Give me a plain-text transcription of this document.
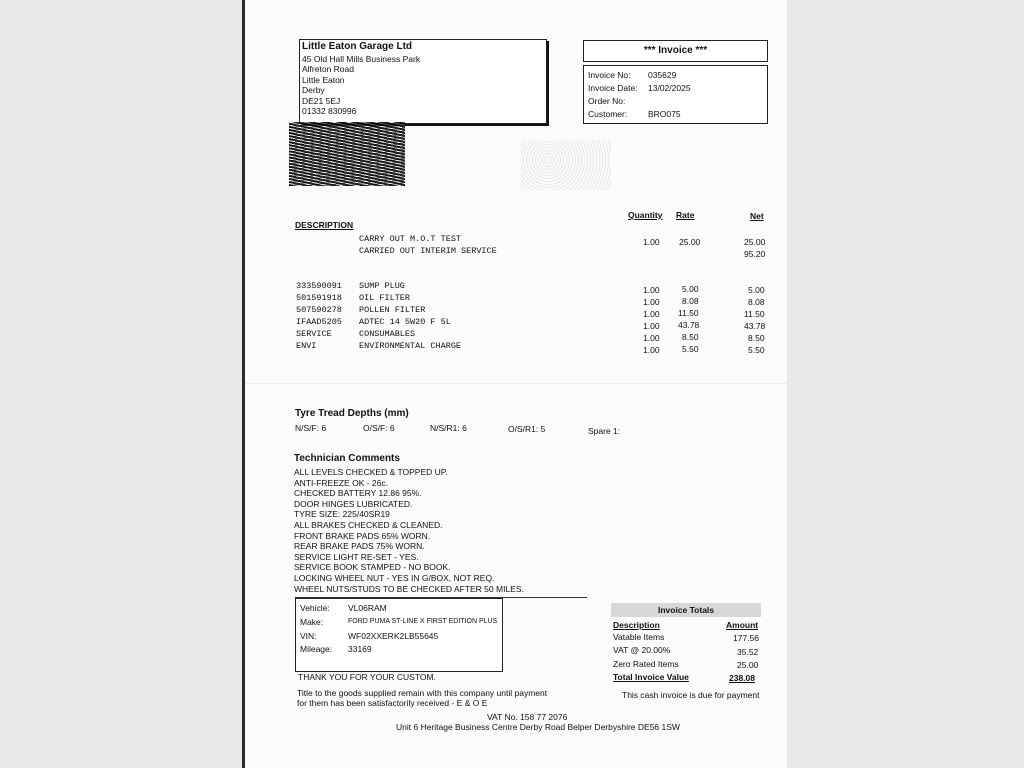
Little Eaton Garage Ltd
45 Old Hall Mills Business Park
Alfreton Road
Little Eaton
Derby
DE21 5EJ
01332 830996
*** Invoice ***
Invoice No: 035629
Invoice Date: 13/02/2025
Order No:
Customer: BRO075
DESCRIPTION
Quantity Rate	Net
CARRY OUT M.O.T TEST	1.00 25.00	25.00
CARRIED OUT INTERIM SERVICE	95.20
333590091 SUMP PLUG	1.00	5.00	5.00
501591918 OIL FILTER	1.00	8.08	8.08
507590278 POLLEN FILTER	1.00 11.50	11.50
IFAAD5205 ADTEC 14 5W20 F 5L	1.00 43.78	43.78
SERVICE	CONSUMABLES	1.00	8.50	8.50
ENVI	ENVIRONMENTAL CHARGE	1.00	5.50	5.50
Tyre Tread Depths (mm)
N/S/F: 6	O/S/F: 6	N/S/R1: 6	O/S/R1: 5	Spare 1:
Technician Comments
ALL LEVELS CHECKED & TOPPED UP.
ANTI-FREEZE OK - 26c.
CHECKED BATTERY 12.86 95%.
DOOR HINGES LUBRICATED.
TYRE SIZE: 225/40SR19
ALL BRAKES CHECKED & CLEANED.
FRONT BRAKE PADS 65% WORN.
REAR BRAKE PADS 75% WORN.
SERVICE LIGHT RE-SET - YES.
SERVICE BOOK STAMPED - NO BOOK.
LOCKING WHEEL NUT - YES IN G/BOX, NOT REQ.
WHEEL NUTS/STUDS TO BE CHECKED AFTER 50 MILES.
Vehicle: VL06RAM
Make:	FORD PUMA ST-LINE X FIRST EDITION PLUS
VIN:	WF02XXERK2LB55645
Mileage: 33169
Invoice Totals
Description	Amount
Vatable Items	177.56
VAT @ 20.00%	35.52
Zero Rated Items	25.00
Total Invoice Value	238.08
This cash invoice is due for payment
THANK YOU FOR YOUR CUSTOM.
Title to the goods supplied remain with this company until payment
for them has been satisfactorily received - E & O E
VAT No. 158 77 2076
Unit 6 Heritage Business Centre Derby Road Belper Derbyshire DE56 1SW
